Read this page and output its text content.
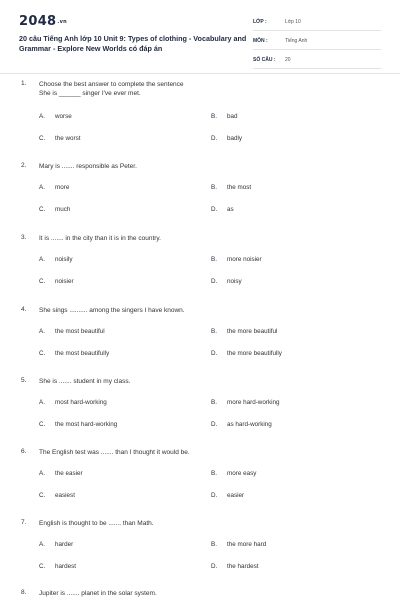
2048.vn
20 câu Tiếng Anh lớp 10 Unit 9: Types of clothing - Vocabulary and Grammar - Explore New Worlds có đáp án
LỚP :	Lớp 10
MÔN :	Tiếng Anh
SỐ CÂU : 20
1. Choose the best answer to complete the sentence
She is ______ singer I've ever met.
A. worse	B. bad
C. the worst	D. badly
2. Mary is ....... responsible as Peter.
A. more	B. the most
C. much	D. as
3. It is ....... in the city than it is in the country.
A. noisily	B. more noisier
C. noisier	D. noisy
4. She sings .......... among the singers I have known.
A. the most beautiful	B. the more beautiful
C. the most beautifully	D. the more beautifully
5. She is ....... student in my class.
A. most hard-working	B. more hard-working
C. the most hard-working	D. as hard-working
6. The English test was ....... than I thought it would be.
A. the easier	B. more easy
C. easiest	D. easier
7. English is thought to be ....... than Math.
A. harder	B. the more hard
C. hardest	D. the hardest
8. Jupiter is ....... planet in the solar system.
